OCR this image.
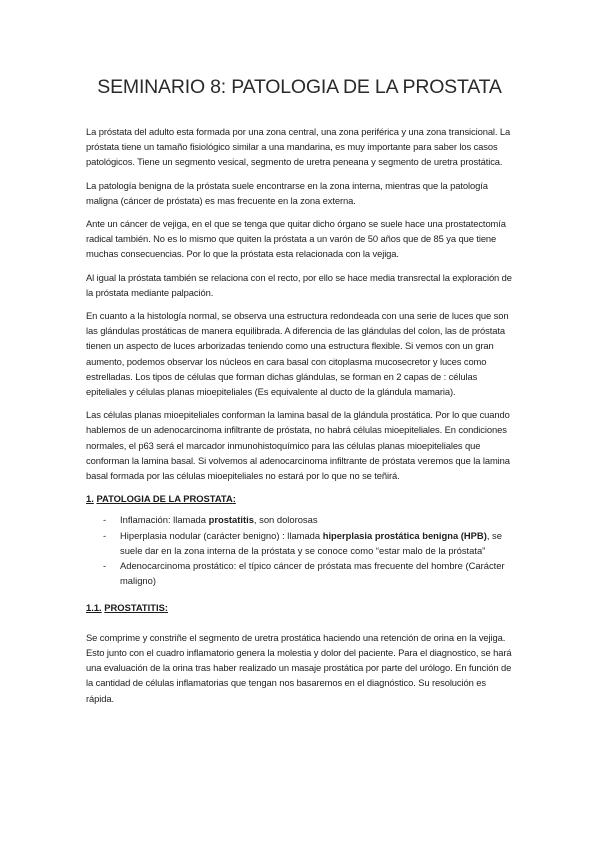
SEMINARIO 8: PATOLOGIA DE LA PROSTATA

La próstata del adulto esta formada por una zona central, una zona periférica y una zona transicional. La próstata tiene un tamaño fisiológico similar a una mandarina, es muy importante para saber los casos patológicos. Tiene un segmento vesical, segmento de uretra peneana y segmento de uretra prostática.

La patología benigna de la próstata suele encontrarse en la zona interna, mientras que la patología maligna (cáncer de próstata) es mas frecuente en la zona externa.

Ante un cáncer de vejiga, en el que se tenga que quitar dicho órgano se suele hace una prostatectomía radical también. No es lo mismo que quiten la próstata a un varón de 50 años que de 85 ya que tiene muchas consecuencias. Por lo que la próstata esta relacionada con la vejiga.

Al igual la próstata también se relaciona con el recto, por ello se hace media transrectal la exploración de la próstata mediante palpación.

En cuanto a la histología normal, se observa una estructura redondeada con una serie de luces que son las glándulas prostáticas de manera equilibrada. A diferencia de las glándulas del colon, las de próstata tienen un aspecto de luces arborizadas teniendo como una estructura flexible. Si vemos con un gran aumento, podemos observar los núcleos en cara basal con citoplasma mucosecretor y luces como estrelladas. Los tipos de células que forman dichas glándulas, se forman en 2 capas de : células epiteliales y células planas mioepiteliales (Es equivalente al ducto de la glándula mamaria).

Las células planas mioepiteliales conforman la lamina basal de la glándula prostática. Por lo que cuando hablemos de un adenocarcinoma infiltrante de próstata, no habrá células mioepiteliales. En condiciones normales, el p63 será el marcador inmunohistoquímico para las células planas mioepiteliales que conforman la lamina basal. Si volvemos al adenocarcinoma infiltrante de próstata veremos que la lamina basal formada por las células mioepiteliales no estará por lo que no se teñirá.

1. PATOLOGIA DE LA PROSTATA:
- Inflamación: llamada prostatitis, son dolorosas
- Hiperplasia nodular (carácter benigno) : llamada hiperplasia prostática benigna (HPB), se suele dar en la zona interna de la próstata y se conoce como “estar malo de la próstata”
- Adenocarcinoma prostático: el típico cáncer de próstata mas frecuente del hombre (Carácter maligno)
1.1. PROSTATITIS:

Se comprime y constriñe el segmento de uretra prostática haciendo una retención de orina en la vejiga. Esto junto con el cuadro inflamatorio genera la molestia y dolor del paciente. Para el diagnostico, se hará una evaluación de la orina tras haber realizado un masaje prostática por parte del urólogo. En función de la cantidad de células inflamatorias que tengan nos basaremos en el diagnóstico. Su resolución es rápida.
